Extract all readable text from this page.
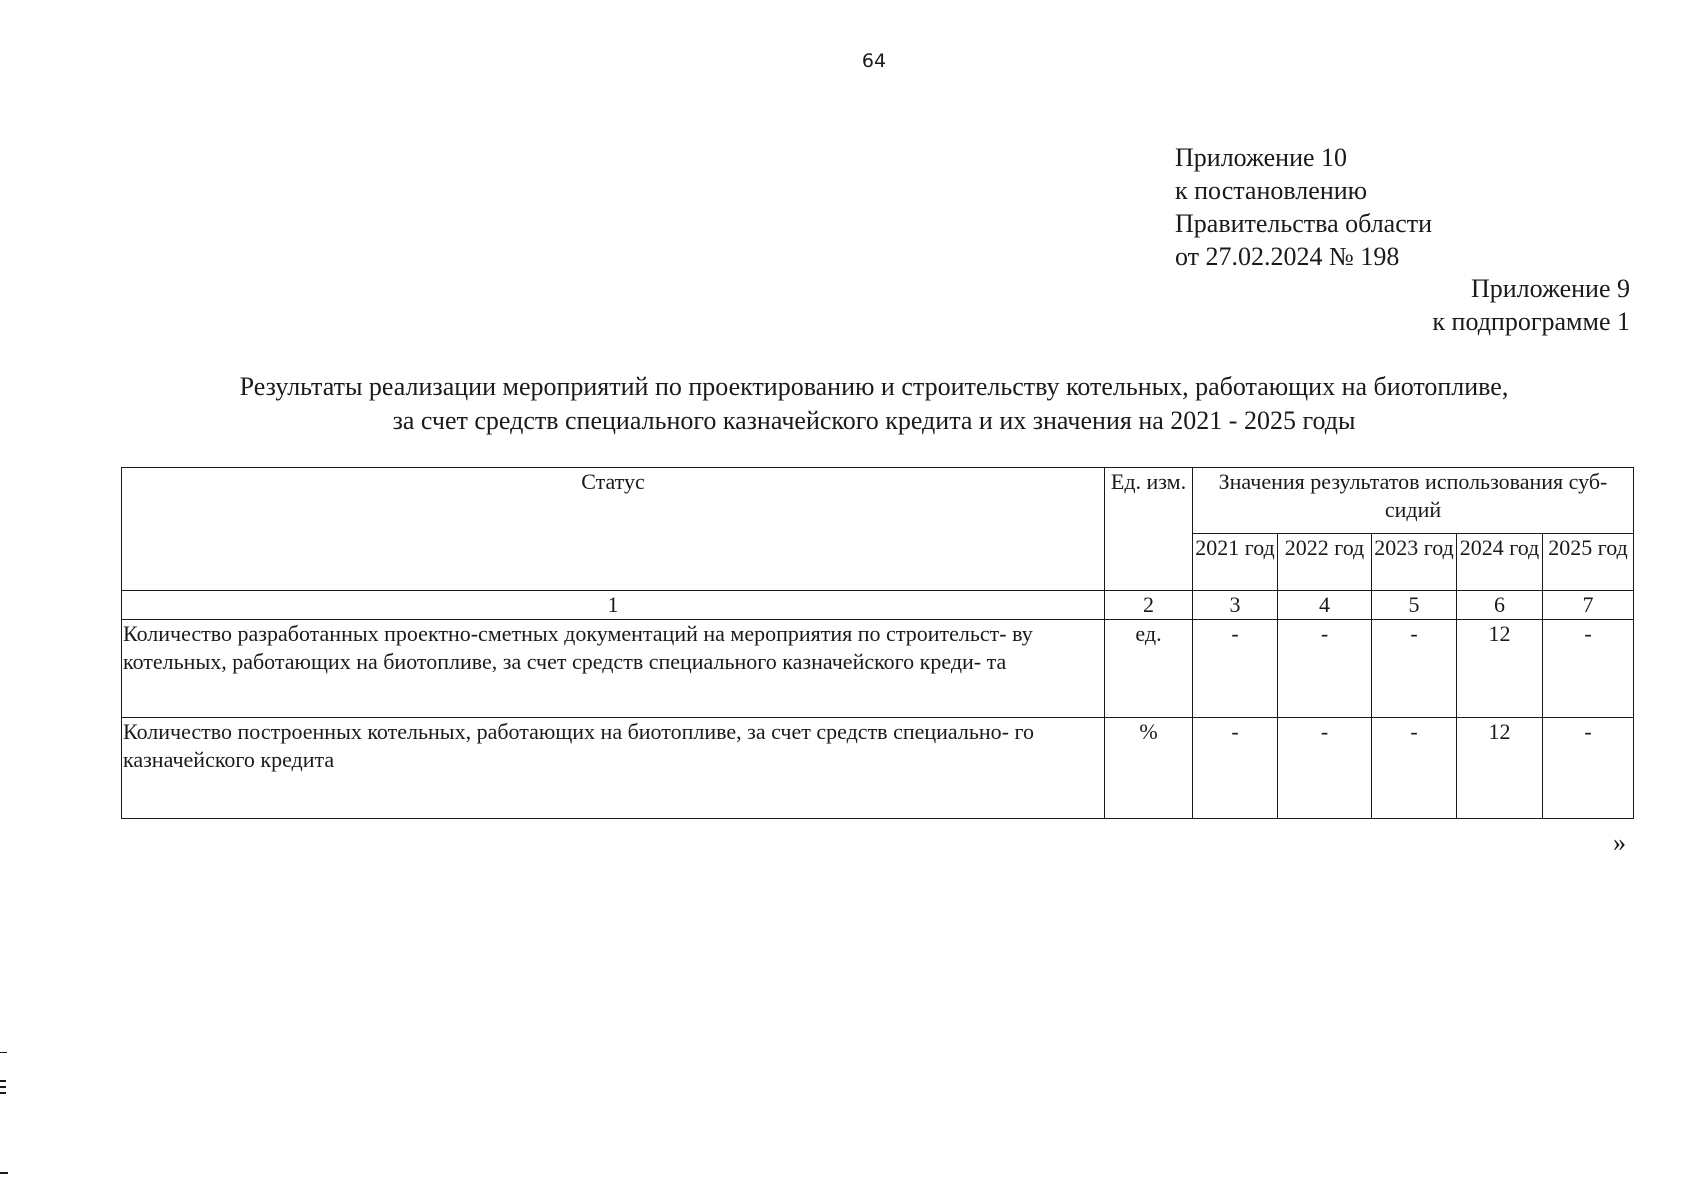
64
Приложение 10
к постановлению
Правительства области
от 27.02.2024 № 198
Приложение 9
к подпрограмме 1
Результаты реализации мероприятий по проектированию и строительству котельных, работающих на биотопливе,
за счет средств специального казначейского кредита и их значения на 2021 - 2025 годы
Статус	Ед. изм.	Значения результатов использования суб- сидий				
		2021 год	2022 год	2023 год	2024 год	2025 год
1	2	3	4	5	6	7
Количество разработанных проектно-сметных документаций на мероприятия по строительст- ву котельных, работающих на биотопливе, за счет средств специального казначейского креди- та	ед.	-	-	-	12	-
Количество построенных котельных, работающих на биотопливе, за счет средств специально- го казначейского кредита	%	-	-	-	12	-
»
